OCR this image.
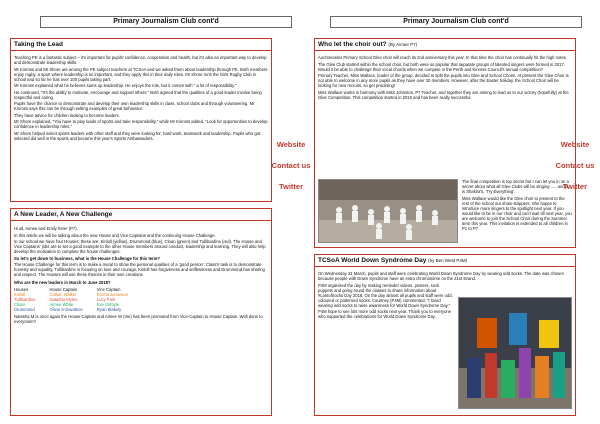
Primary Journalism Club cont'd
Taking the Lead

Teaching PE is a fantastic subject – it's important for pupils' confidence, cooperation and health, but it's also an important way to develop and demonstrate leadership skills.

Mr Kinross and Mr Shore are among the PE subject teachers at TCSoA and we asked them about leadership through PE. Both members enjoy rugby, a sport where leadership is so important, and they apply this in their daily roles. Mr Shore runs the Girls Rugby Club in school and so far he has over 100 pupils taking part.

Mr Kinross explained what he believes sums up leadership. He enjoys the role, but it comes with " a lot of responsibility."

He continued, "It's the ability to motivate, encourage and support others." Both agreed that the qualities of a good leader involve being respectful and caring.

Pupils have the chance to demonstrate and develop their own leadership skills in class, school clubs and through volunteering. Mr Kinross says this can be through setting examples of great behaviour.

They have advice for children looking to become leaders.

Mr Shore explained, "You have to play loads of sports and take responsibility," while Mr Kinross added, "Look for opportunities to develop confidence in leadership roles."

Mr Shore helped select sports leaders with other staff and they were looking for; hard work, teamwork and leadership. Pupils who got selected did well in the sports and became this year's Sports Ambassadors.

A New Leader, A New Challenge

Hi all, Aimee and Emily here! (P7).

In this article we will be talking about the new House and Vice Captains and the continuing House Challenge.

In our school we have four Houses; these are: Kinloll (yellow), Drummond (blue), Cloan (green) and Tullibardine (red). The House and Vice Captains' jobs are to set a good example to the other House members around conduct, leadership and learning. They will also help develop the motivation to complete the house challenges.

So let's get down to business, what is the House Challenge for this term?

The House Challenge for this term is to make a mural to show the personal qualities of a 'good person'. Class's task is to demonstrate honesty and equality, Tullibardine is focusing on love and courage, Kinloll has forgiveness and selflessness and Drummond has sharing and respect. The Houses will use these themes in their own creations.

Who are the new leaders in March to June 2018?

Houses	House Captain	Vice Captain
Kinloll	Callum Walker	Emma Jamieson
Tullibardine	Natasha Myles	Lucy Park
Cloan	Aimee White	Eve Gilfoyle
Drummond	Olivia S-Davidson	Ryan Blakely

Natasha M is once again the House Captain and Aimee W (me) has been promoted from Vice-Captain to House Captain. Well done to everyone!!!!

Website
Contact us
Twitter
Primary Journalism Club cont'd
Who let the choir out? (By Aimee P7)

Auchterarder Primary School Glee choir will reach its 2nd anniversary this year. In that time the choir has continually hit the high notes.

The Glee Club started within the school choir, but both were so popular that separate groups of talented singers were formed in 2017. Would it be able to challenge their vocal chords when we compete in the Perth and Kinross Council's annual competition?

Primary Teacher, Miss Wallace, leader of the group, decided to split the pupils into Glee and School Choirs. At present the Glee Choir is not able to welcome in any more pupils as they have over 30 members. However, after the Easter holiday, the School Choir will be looking for new recruits, so get practising!

Miss Wallace works in harmony with Miss Johnston, P7 Teacher, and together they are aiming to lead us to our victory (hopefully) at the Glee Competition. This competition started in 2015 and has been really successful.

The final competition is top secret but I can let you in on a secret about what all Glee Clubs will be singing ..... and it is Shakira's, 'Try Everything'.

Miss Wallace would like the Glee choir to present to the rest of the school our show-stoppers. She hopes to introduce more singers to the spotlight next year. If you would like to be in our choir and can't wait till next year, you are welcome to join the School Choir during the Summer term this year. This invitation is extended to all children in P1 to P7.

TCSoA World Down Syndrome Day (by Ben West P4M)

On Wednesday 21 March, pupils and staff were celebrating World Down Syndrome Day by wearing odd socks. The date was chosen because people with Down Syndrome have an extra chromosome on the 21st strand.

P4M organised the day by making reminder videos, posters, sock puppets and going round the classes to share information about #LotsofSocks Day 2018. On the day almost all pupils and staff were odd, coloured or patterned socks. Courtney (P4M) commented, "I loved wearing odd socks to raise awareness for World Down Syndrome Day."

P4M hope to see lots more odd socks next year. Thank you to everyone who supported the celebrations for World Down Syndrome Day.

Website
Contact us
Twitter
